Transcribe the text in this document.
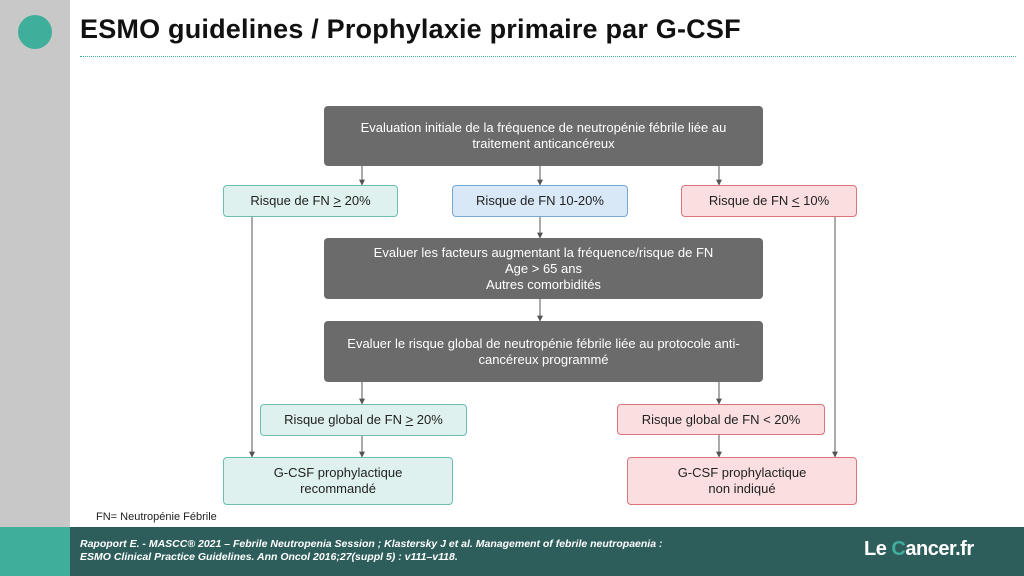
ESMO guidelines / Prophylaxie primaire par G-CSF
Evaluation initiale de la fréquence de neutropénie fébrile liée au traitement anticancéreux
Risque de FN > 20%	Risque de FN 10-20%	Risque de FN < 10%
Evaluer les facteurs augmentant la fréquence/risque de FN
Age > 65 ans
Autres comorbidités
Evaluer le risque global de neutropénie fébrile liée au protocole anti-cancéreux programmé
Risque global de FN > 20%	Risque global de FN < 20%
G-CSF prophylactique
recommandé
G-CSF prophylactique
non indiqué
FN= Neutropénie Fébrile
Rapoport E. - MASCC® 2021 – Febrile Neutropenia Session ; Klastersky J et al. Management of febrile neutropaenia :
ESMO Clinical Practice Guidelines. Ann Oncol 2016;27(suppl 5) : v111–v118.	Le Cancer.fr
